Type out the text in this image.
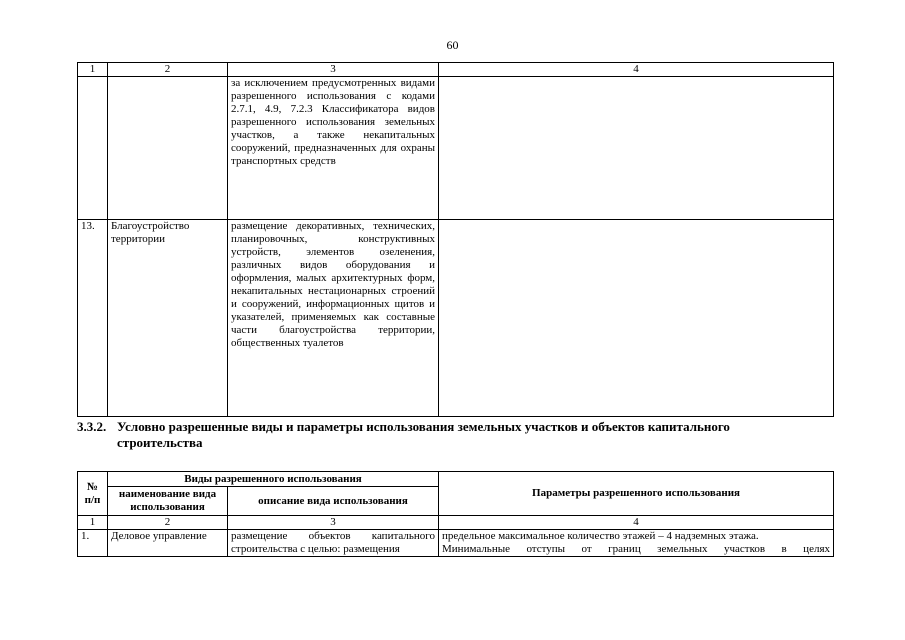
60
1	2	3	4
		за исключением предусмотренных видами разрешенного использования с кодами 2.7.1, 4.9, 7.2.3 Классификатора видов разрешенного использования земельных участков, а также некапитальных сооружений, предназначенных для охраны транспортных средств	
13.	Благоустройство территории	размещение декоративных, технических, планировочных, конструктивных устройств, элементов озеленения, различных видов оборудования и оформления, малых архитектурных форм, некапитальных нестационарных строений и сооружений, информационных щитов и указателей, применяемых как составные части благоустройства территории, общественных туалетов	
3.3.2. Условно разрешенные виды и параметры использования земельных участков и объектов капитального
строительства
№ п/п	Виды разрешенного использования		Параметры разрешенного использования
	наименование вида использования	описание вида использования	
1	2	3	4
1.	Деловое управление	размещение объектов капитального строительства с целью: размещения	предельное максимальное количество этажей – 4 надземных этажа.
Минимальные отступы от границ земельных участков в целях
